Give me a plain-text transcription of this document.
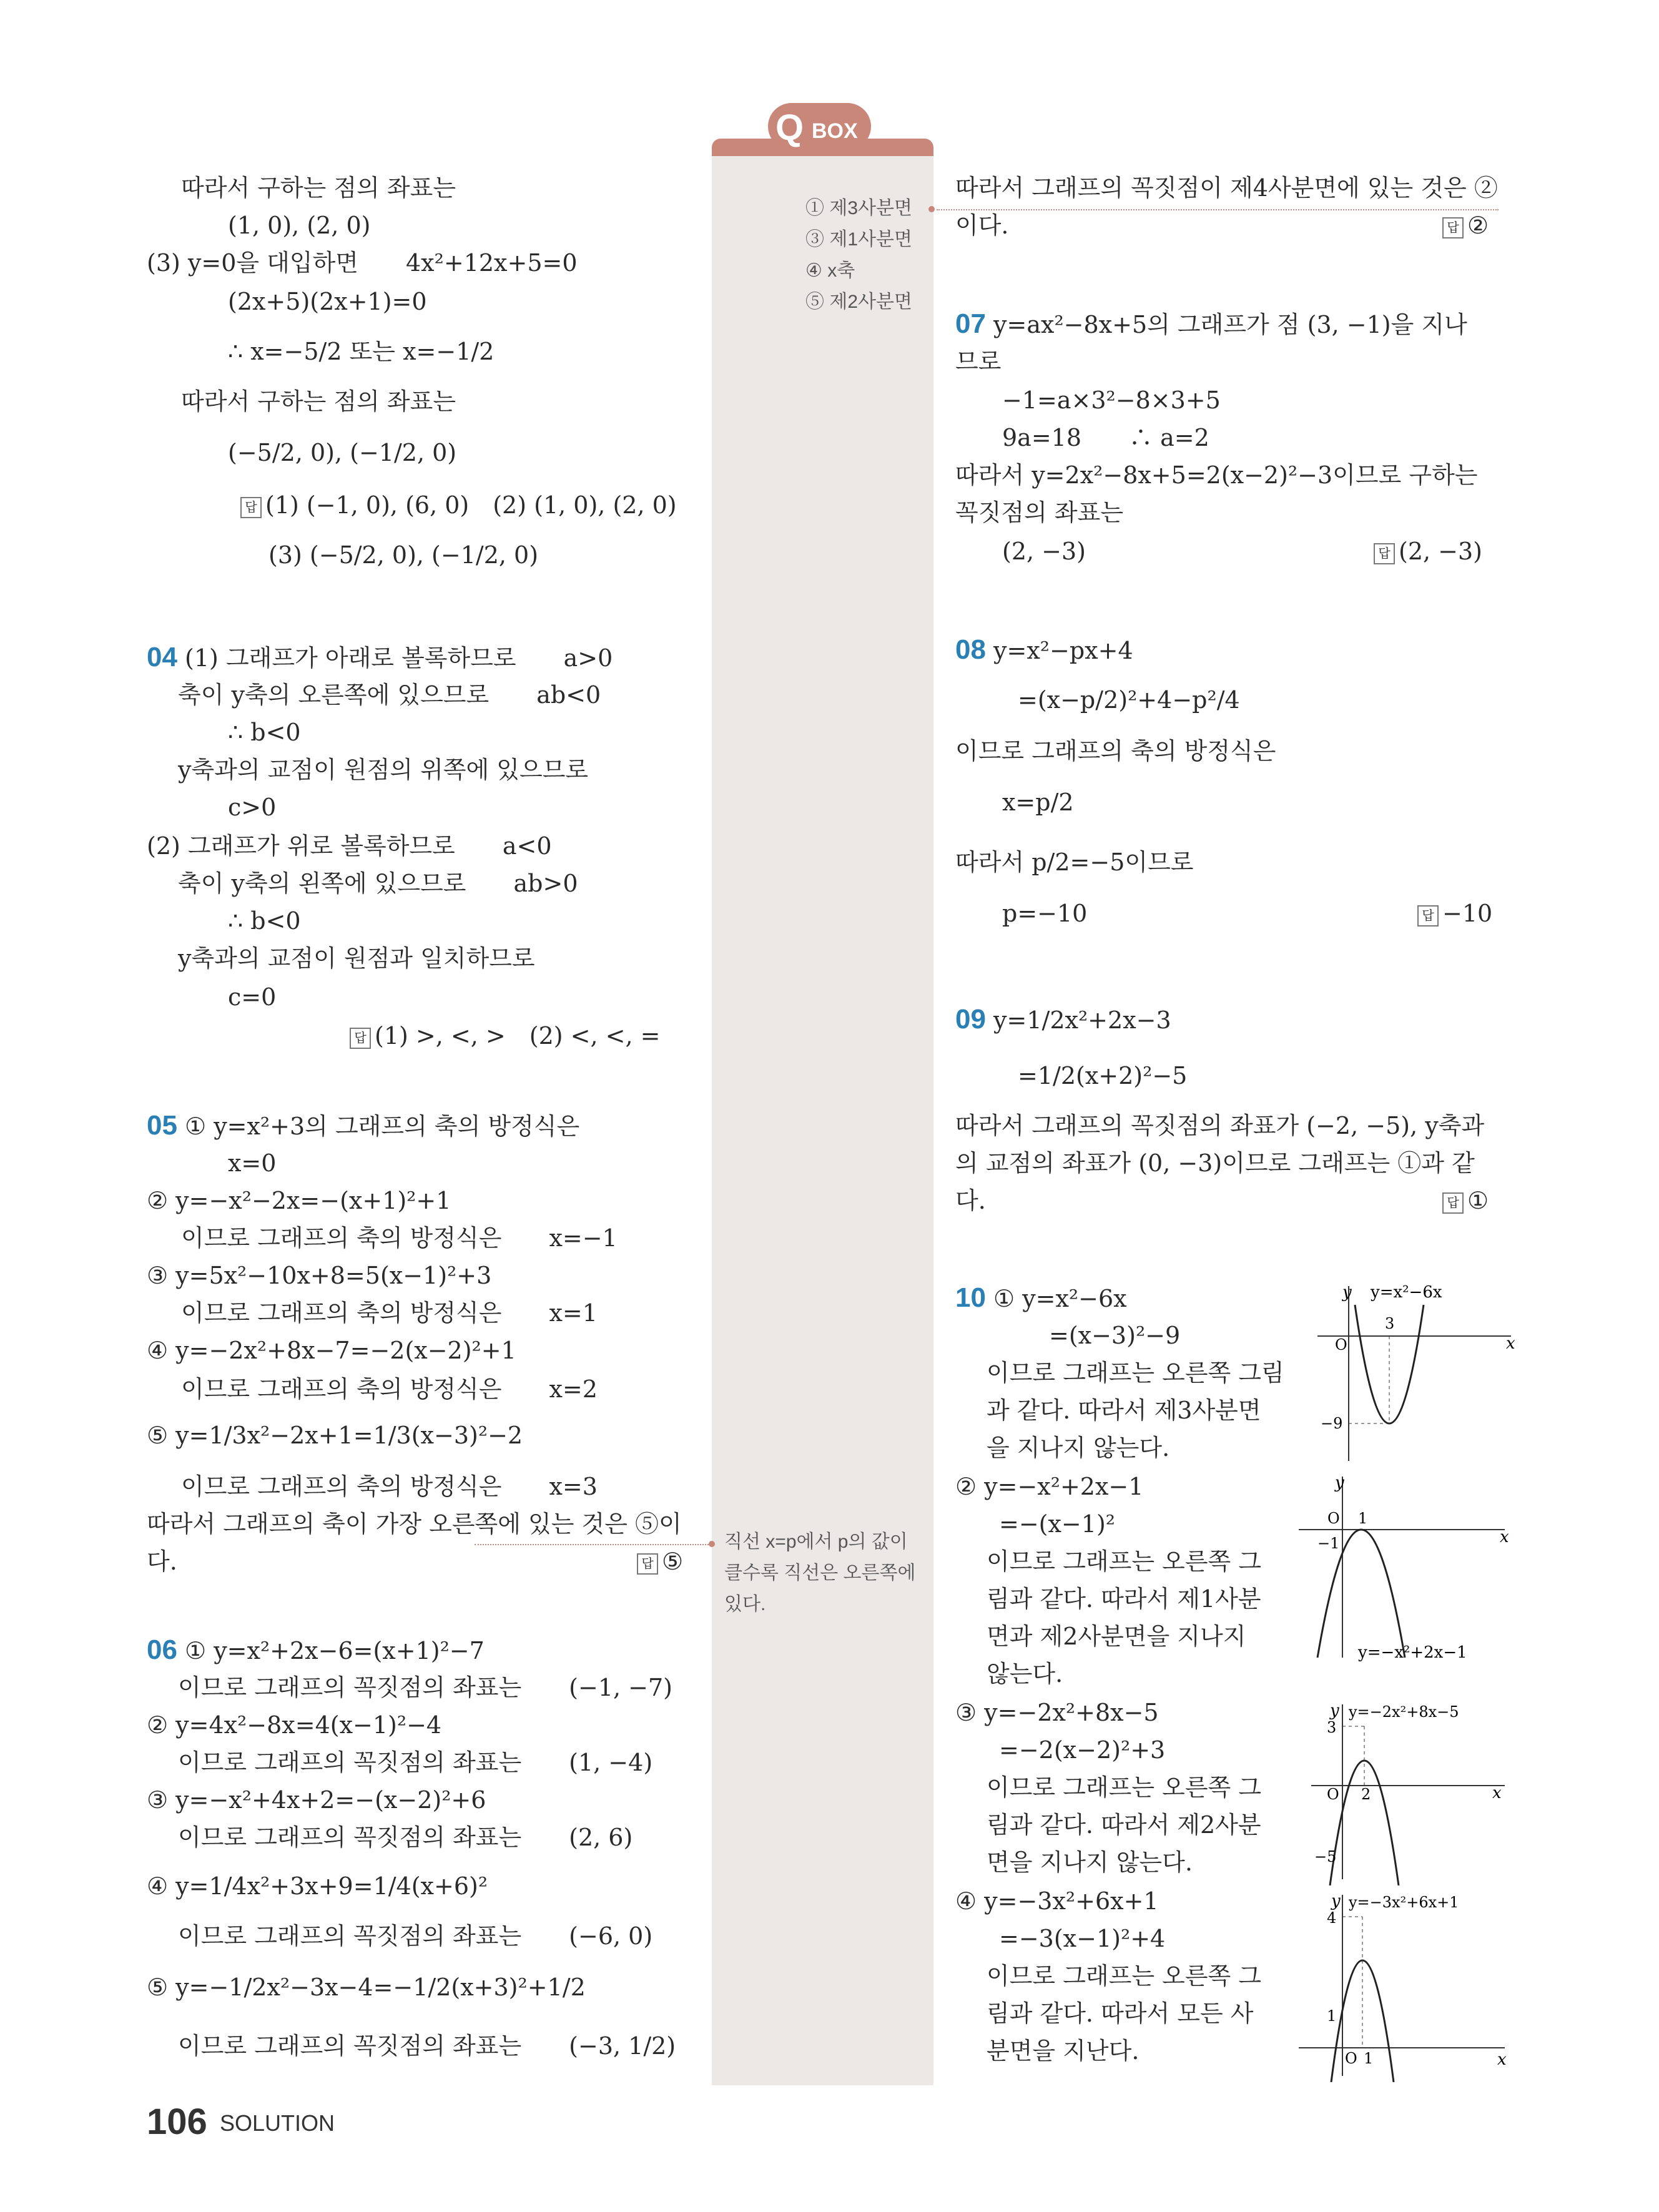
Q BOX
① 제3사분면
③ 제1사분면
④ x축
⑤ 제2사분면
직선 x=p에서 p의 값이 클수록 직선은 오른쪽에 있다.
따라서 구하는 점의 좌표는
(1, 0), (2, 0)
(3) y=0을 대입하면　　4x²+12x+5=0
(2x+5)(2x+1)=0
∴ x=−5/2 또는 x=−1/2
따라서 구하는 점의 좌표는
(−5/2, 0), (−1/2, 0)
답 (1) (−1, 0), (6, 0)　(2) (1, 0), (2, 0)
(3) (−5/2, 0), (−1/2, 0)
04 (1) 그래프가 아래로 볼록하므로　　a>0
축이 y축의 오른쪽에 있으므로　　ab<0
∴ b<0
y축과의 교점이 원점의 위쪽에 있으므로
c>0
(2) 그래프가 위로 볼록하므로　　a<0
축이 y축의 왼쪽에 있으므로　　ab>0
∴ b<0
y축과의 교점이 원점과 일치하므로
c=0
답 (1) >, <, >　(2) <, <, =
05 ① y=x²+3의 그래프의 축의 방정식은
x=0
② y=−x²−2x=−(x+1)²+1
이므로 그래프의 축의 방정식은　　x=−1
③ y=5x²−10x+8=5(x−1)²+3
이므로 그래프의 축의 방정식은　　x=1
④ y=−2x²+8x−7=−2(x−2)²+1
이므로 그래프의 축의 방정식은　　x=2
⑤ y=1/3x²−2x+1=1/3(x−3)²−2
이므로 그래프의 축의 방정식은　　x=3
따라서 그래프의 축이 가장 오른쪽에 있는 것은 ⑤이
다.	답 ⑤
06 ① y=x²+2x−6=(x+1)²−7
이므로 그래프의 꼭짓점의 좌표는　　(−1, −7)
② y=4x²−8x=4(x−1)²−4
이므로 그래프의 꼭짓점의 좌표는　　(1, −4)
③ y=−x²+4x+2=−(x−2)²+6
이므로 그래프의 꼭짓점의 좌표는　　(2, 6)
④ y=1/4x²+3x+9=1/4(x+6)²
이므로 그래프의 꼭짓점의 좌표는　　(−6, 0)
⑤ y=−1/2x²−3x−4=−1/2(x+3)²+1/2
이므로 그래프의 꼭짓점의 좌표는　　(−3, 1/2)
따라서 그래프의 꼭짓점이 제4사분면에 있는 것은 ②
이다.	답 ②
07 y=ax²−8x+5의 그래프가 점 (3, −1)을 지나
므로
−1=a×3²−8×3+5
9a=18　　∴ a=2
따라서 y=2x²−8x+5=2(x−2)²−3이므로 구하는
꼭짓점의 좌표는
(2, −3)	답 (2, −3)
08 y=x²−px+4
=(x−p/2)²+4−p²/4
이므로 그래프의 축의 방정식은
x=p/2
따라서 p/2=−5이므로
p=−10	답 −10
09 y=1/2x²+2x−3
=1/2(x+2)²−5
따라서 그래프의 꼭짓점의 좌표가 (−2, −5), y축과
의 교점의 좌표가 (0, −3)이므로 그래프는 ①과 같
다.	답 ①
10 ① y=x²−6x
=(x−3)²−9
이므로 그래프는 오른쪽 그림
과 같다. 따라서 제3사분면
을 지나지 않는다.
② y=−x²+2x−1
=−(x−1)²
이므로 그래프는 오른쪽 그
림과 같다. 따라서 제1사분
면과 제2사분면을 지나지
않는다.
③ y=−2x²+8x−5
=−2(x−2)²+3
이므로 그래프는 오른쪽 그
림과 같다. 따라서 제2사분
면을 지나지 않는다.
④ y=−3x²+6x+1
=−3(x−1)²+4
이므로 그래프는 오른쪽 그
림과 같다. 따라서 모든 사
분면을 지난다.
y y=x²−6x
3
O	x
−9
y
O 1
−1	x
y=−x²+2x−1
y y=−2x²+8x−5
3
O 2	x
−5
y y=−3x²+6x+1
4
1
O 1	x
106 SOLUTION
